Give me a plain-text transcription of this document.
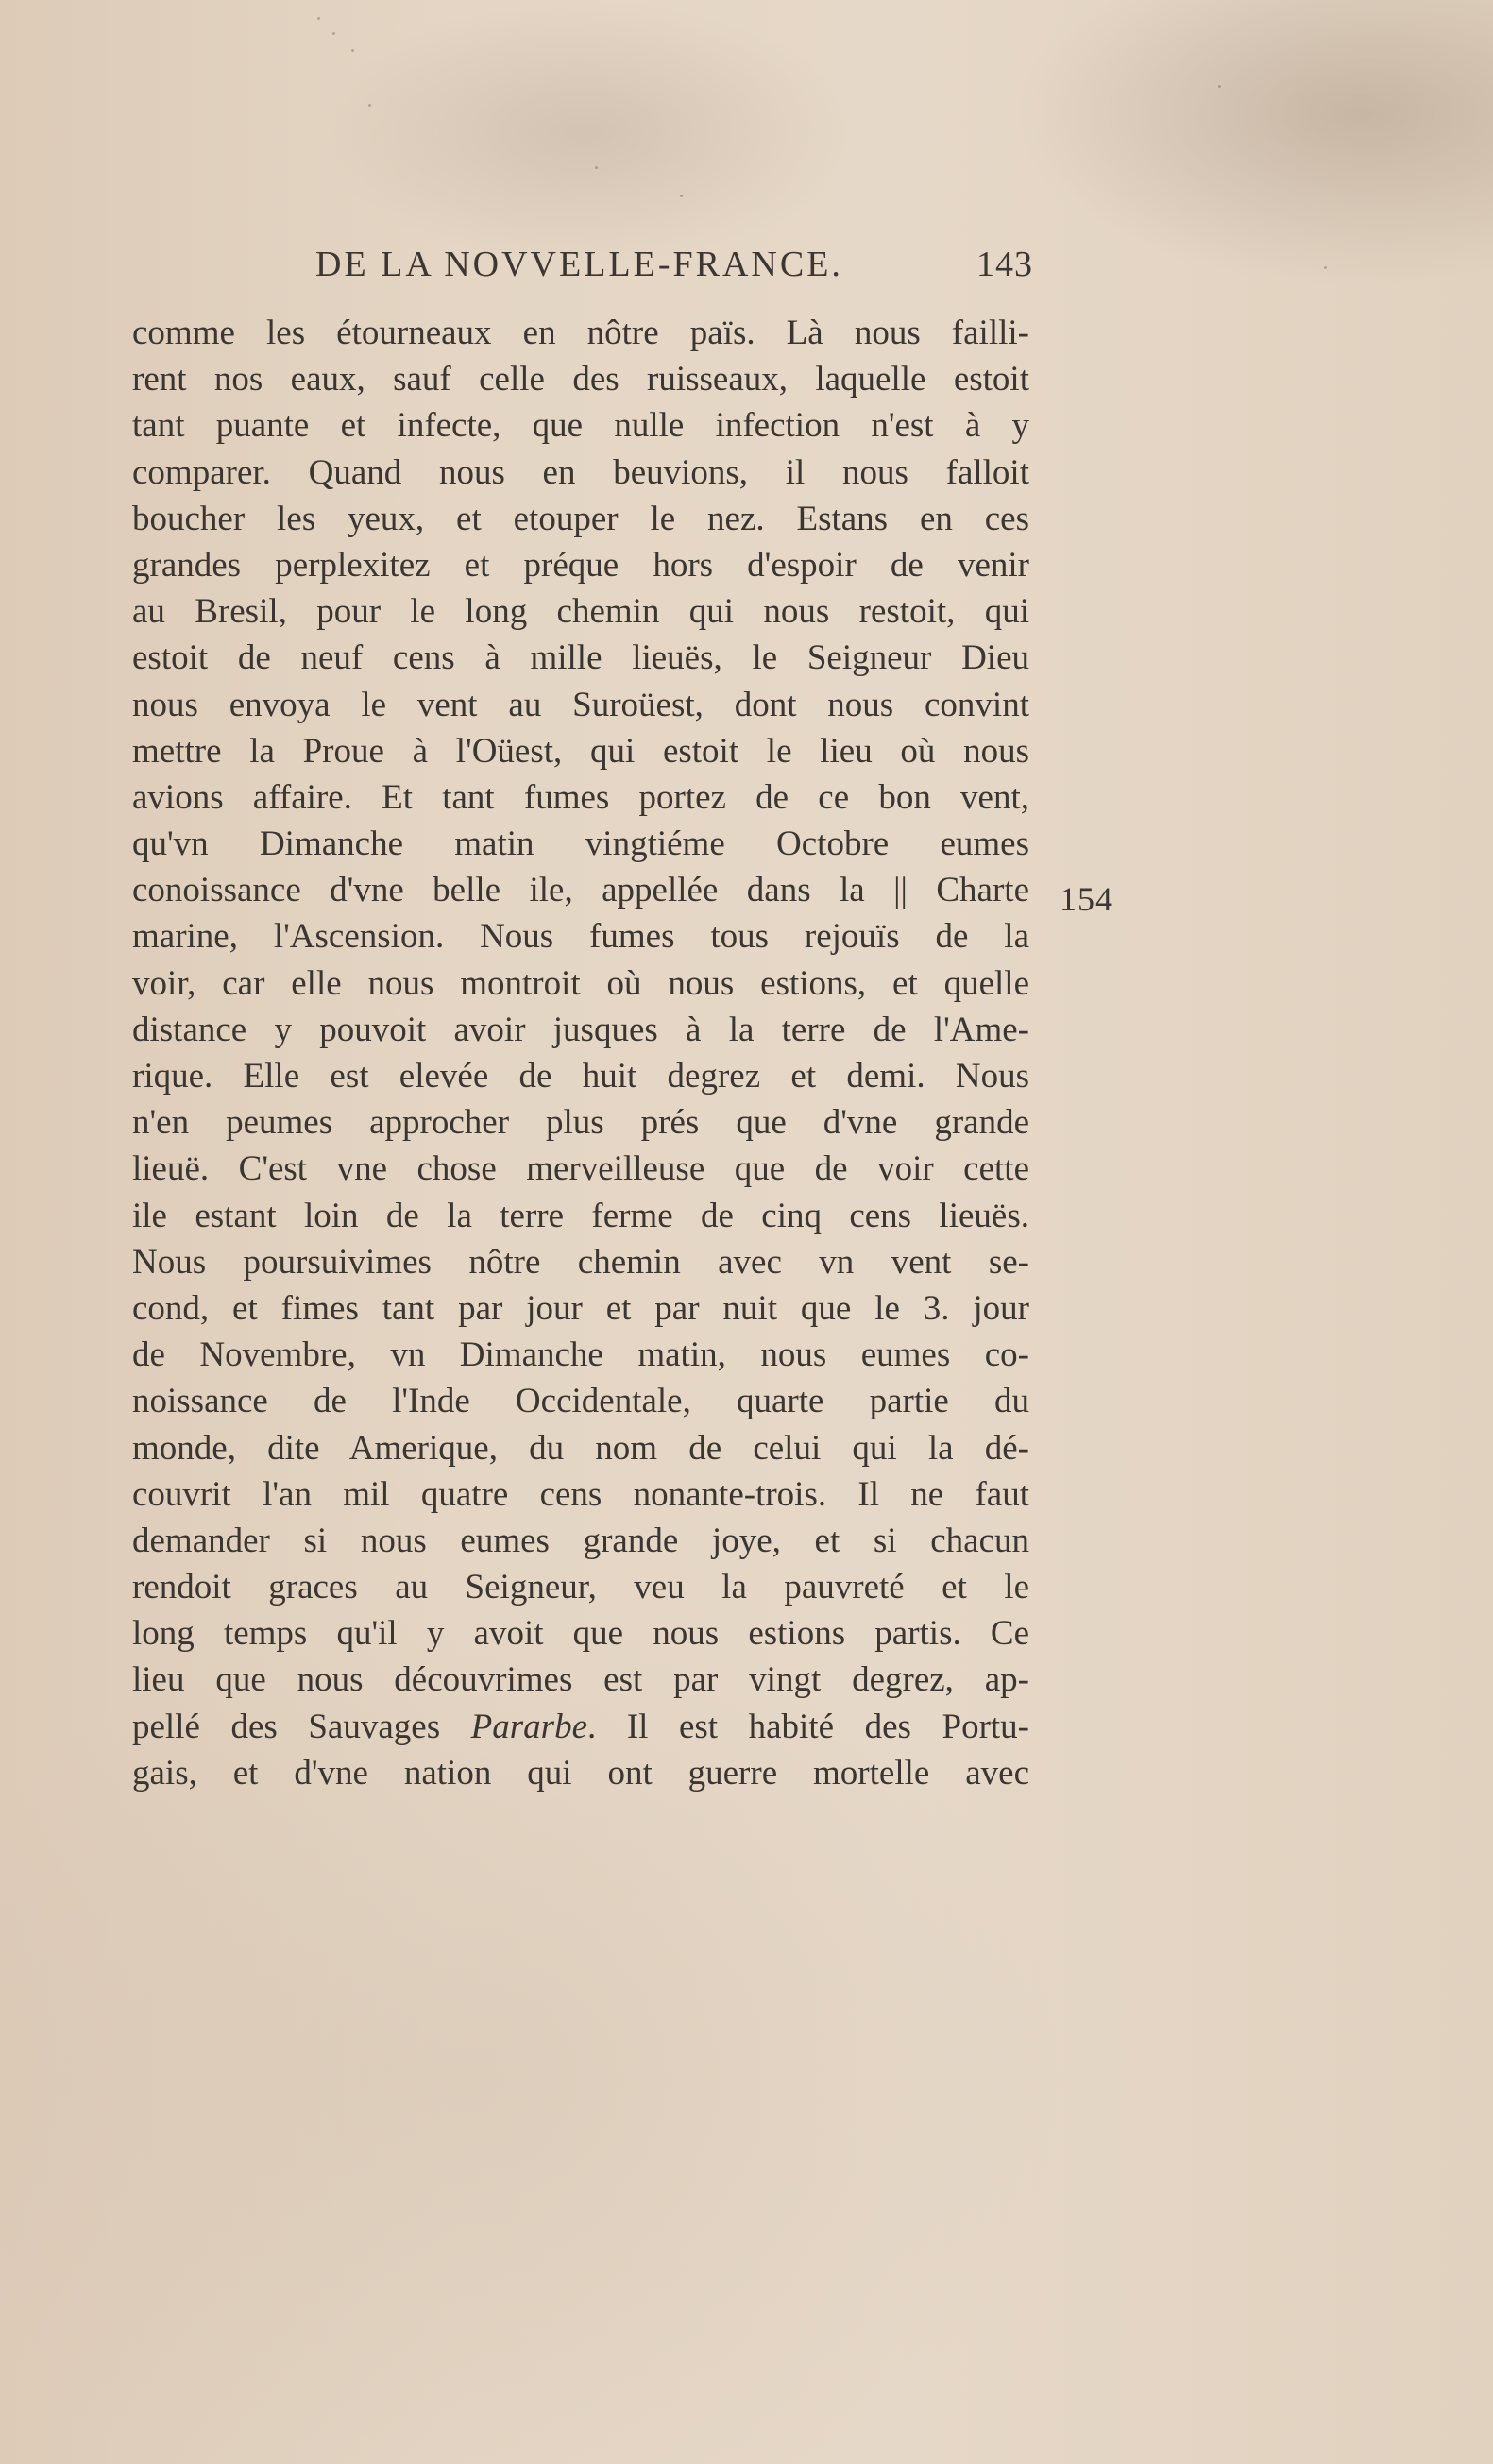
DE LA NOVVELLE-FRANCE.	143
154
comme les étourneaux en nôtre païs. Là nous failli-
rent nos eaux, sauf celle des ruisseaux, laquelle estoit
tant puante et infecte, que nulle infection n'est à y
comparer. Quand nous en beuvions, il nous falloit
boucher les yeux, et etouper le nez. Estans en ces
grandes perplexitez et préque hors d'espoir de venir
au Bresil, pour le long chemin qui nous restoit, qui
estoit de neuf cens à mille lieuës, le Seigneur Dieu
nous envoya le vent au Suroüest, dont nous convint
mettre la Proue à l'Oüest, qui estoit le lieu où nous
avions affaire. Et tant fumes portez de ce bon vent,
qu'vn Dimanche matin vingtiéme Octobre eumes
conoissance d'vne belle ile, appellée dans la || Charte
marine, l'Ascension. Nous fumes tous rejouïs de la
voir, car elle nous montroit où nous estions, et quelle
distance y pouvoit avoir jusques à la terre de l'Ame-
rique. Elle est elevée de huit degrez et demi. Nous
n'en peumes approcher plus prés que d'vne grande
lieuë. C'est vne chose merveilleuse que de voir cette
ile estant loin de la terre ferme de cinq cens lieuës.
Nous poursuivimes nôtre chemin avec vn vent se-
cond, et fimes tant par jour et par nuit que le 3. jour
de Novembre, vn Dimanche matin, nous eumes co-
noissance de l'Inde Occidentale, quarte partie du
monde, dite Amerique, du nom de celui qui la dé-
couvrit l'an mil quatre cens nonante-trois. Il ne faut
demander si nous eumes grande joye, et si chacun
rendoit graces au Seigneur, veu la pauvreté et le
long temps qu'il y avoit que nous estions partis. Ce
lieu que nous découvrimes est par vingt degrez, ap-
pellé des Sauvages Pararbe. Il est habité des Portu-
gais, et d'vne nation qui ont guerre mortelle avec
